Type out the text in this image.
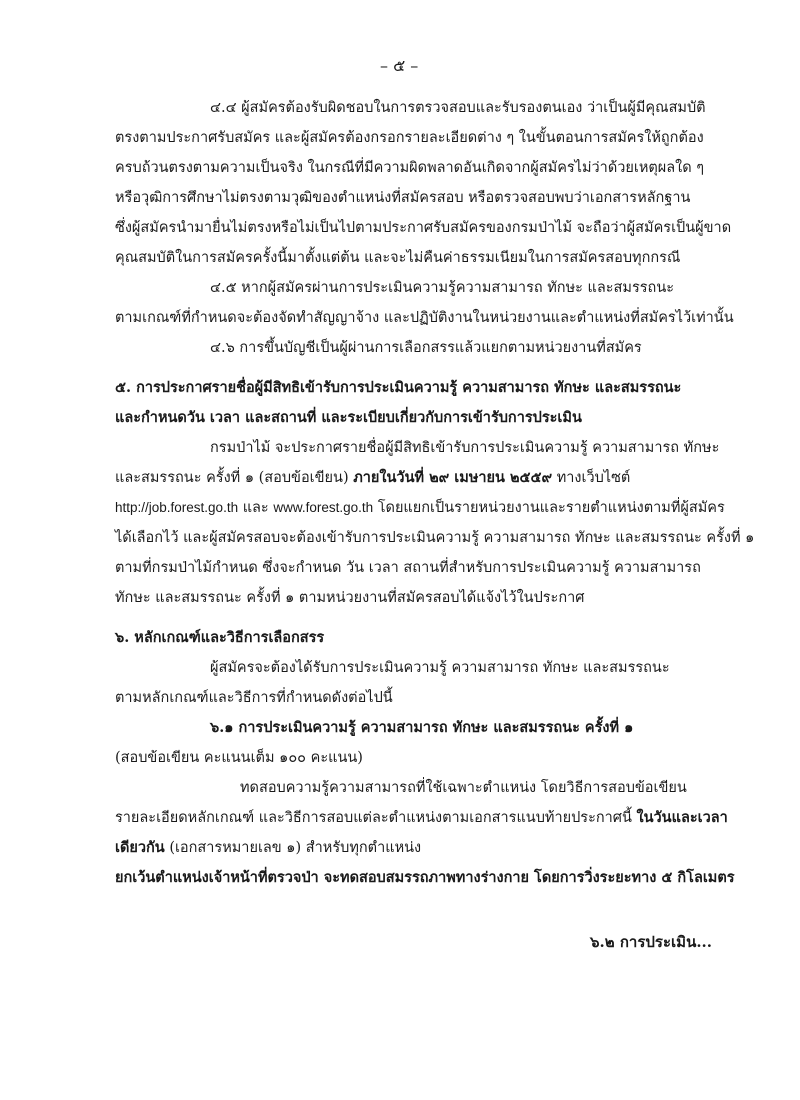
– ๕ –
๔.๔ ผู้สมัครต้องรับผิดชอบในการตรวจสอบและรับรองตนเอง ว่าเป็นผู้มีคุณสมบัติ
ตรงตามประกาศรับสมัคร และผู้สมัครต้องกรอกรายละเอียดต่าง ๆ ในขั้นตอนการสมัครให้ถูกต้อง
ครบถ้วนตรงตามความเป็นจริง ในกรณีที่มีความผิดพลาดอันเกิดจากผู้สมัครไม่ว่าด้วยเหตุผลใด ๆ
หรือวุฒิการศึกษาไม่ตรงตามวุฒิของตำแหน่งที่สมัครสอบ หรือตรวจสอบพบว่าเอกสารหลักฐาน
ซึ่งผู้สมัครนำมายื่นไม่ตรงหรือไม่เป็นไปตามประกาศรับสมัครของกรมป่าไม้ จะถือว่าผู้สมัครเป็นผู้ขาด
คุณสมบัติในการสมัครครั้งนี้มาตั้งแต่ต้น และจะไม่คืนค่าธรรมเนียมในการสมัครสอบทุกกรณี
๔.๕ หากผู้สมัครผ่านการประเมินความรู้ความสามารถ ทักษะ และสมรรถนะ
ตามเกณฑ์ที่กำหนดจะต้องจัดทำสัญญาจ้าง และปฏิบัติงานในหน่วยงานและตำแหน่งที่สมัครไว้เท่านั้น
๔.๖ การขึ้นบัญชีเป็นผู้ผ่านการเลือกสรรแล้วแยกตามหน่วยงานที่สมัคร
๕. การประกาศรายชื่อผู้มีสิทธิเข้ารับการประเมินความรู้ ความสามารถ ทักษะ และสมรรถนะ
และกำหนดวัน เวลา และสถานที่ และระเบียบเกี่ยวกับการเข้ารับการประเมิน
กรมป่าไม้ จะประกาศรายชื่อผู้มีสิทธิเข้ารับการประเมินความรู้ ความสามารถ ทักษะ
และสมรรถนะ ครั้งที่ ๑ (สอบข้อเขียน) ภายในวันที่ ๒๙ เมษายน ๒๕๕๙ ทางเว็บไซต์
http://job.forest.go.th และ www.forest.go.th โดยแยกเป็นรายหน่วยงานและรายตำแหน่งตามที่ผู้สมัคร
ได้เลือกไว้ และผู้สมัครสอบจะต้องเข้ารับการประเมินความรู้ ความสามารถ ทักษะ และสมรรถนะ ครั้งที่ ๑
ตามที่กรมป่าไม้กำหนด ซึ่งจะกำหนด วัน เวลา สถานที่สำหรับการประเมินความรู้ ความสามารถ
ทักษะ และสมรรถนะ ครั้งที่ ๑ ตามหน่วยงานที่สมัครสอบได้แจ้งไว้ในประกาศ
๖. หลักเกณฑ์และวิธีการเลือกสรร
ผู้สมัครจะต้องได้รับการประเมินความรู้ ความสามารถ ทักษะ และสมรรถนะ
ตามหลักเกณฑ์และวิธีการที่กำหนดดังต่อไปนี้
๖.๑ การประเมินความรู้ ความสามารถ ทักษะ และสมรรถนะ ครั้งที่ ๑
(สอบข้อเขียน คะแนนเต็ม ๑๐๐ คะแนน)
ทดสอบความรู้ความสามารถที่ใช้เฉพาะตำแหน่ง โดยวิธีการสอบข้อเขียน
รายละเอียดหลักเกณฑ์ และวิธีการสอบแต่ละตำแหน่งตามเอกสารแนบท้ายประกาศนี้ ในวันและเวลา
เดียวกัน (เอกสารหมายเลข ๑) สำหรับทุกตำแหน่ง
ยกเว้นตำแหน่งเจ้าหน้าที่ตรวจป่า จะทดสอบสมรรถภาพทางร่างกาย โดยการวิ่งระยะทาง ๕ กิโลเมตร
๖.๒ การประเมิน...
